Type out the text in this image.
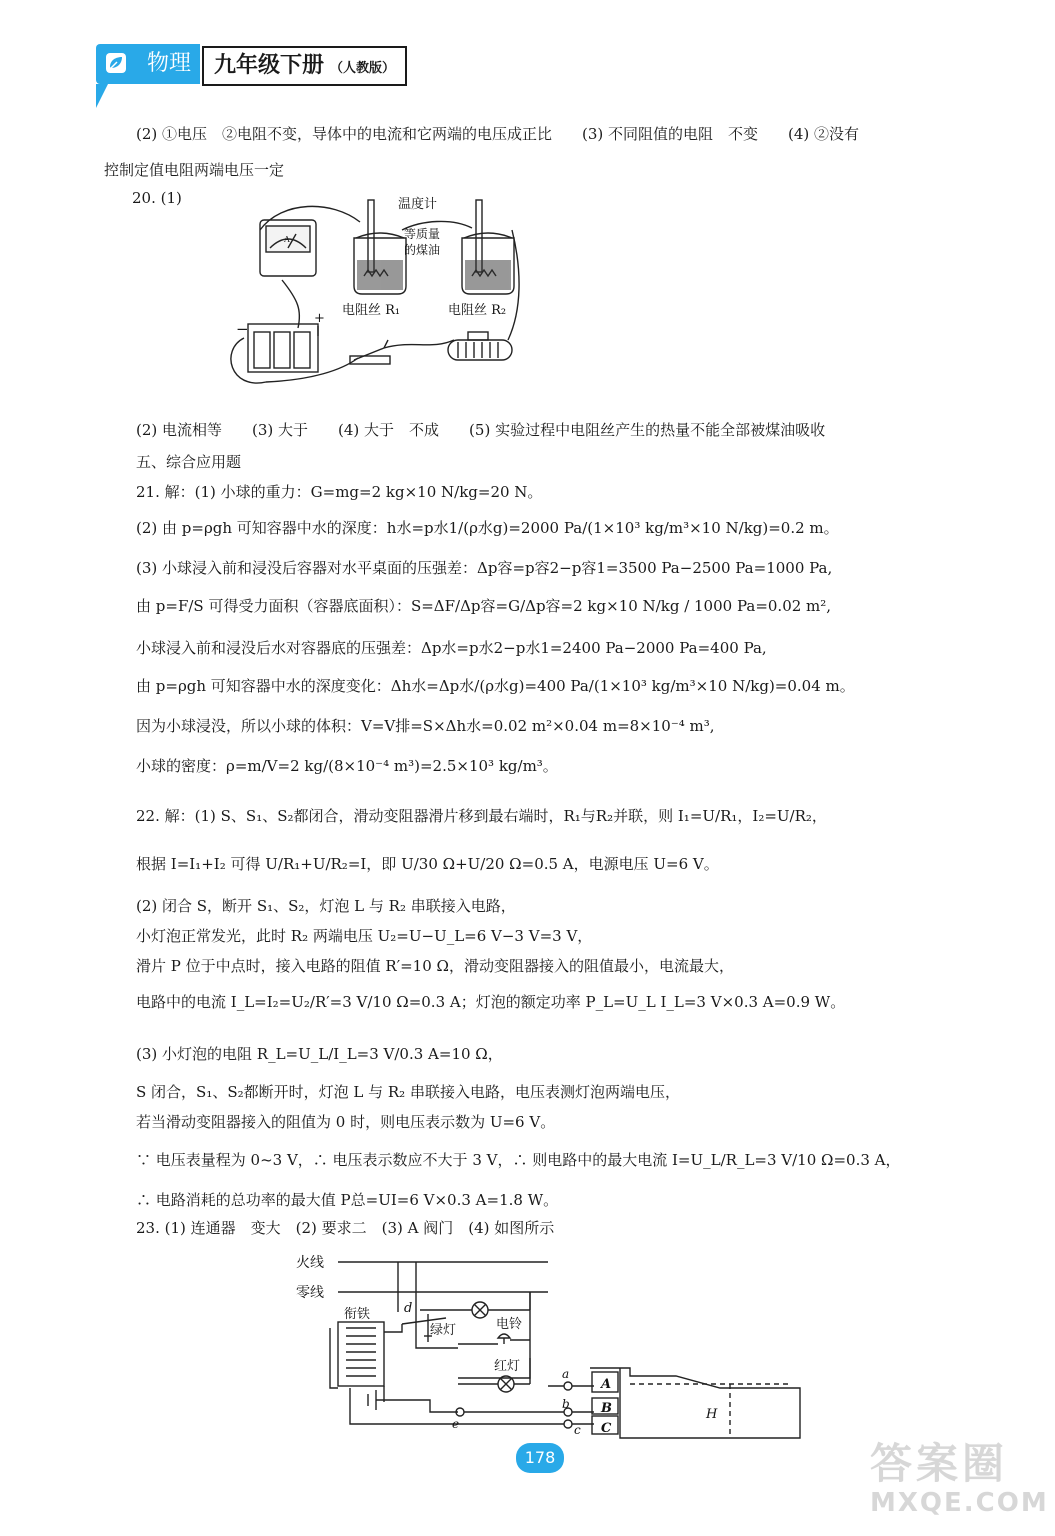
物理	九年级下册 （人教版）
(2) ①电压　②电阻不变，导体中的电流和它两端的电压成正比　　(3) 不同阻值的电阻　不变　　(4) ②没有
控制定值电阻两端电压一定
20. (1)	温度计
等质量
的煤油
电阻丝 R₁	电阻丝 R₂
A
−
+
(2) 电流相等　　(3) 大于　　(4) 大于　不成　　(5) 实验过程中电阻丝产生的热量不能全部被煤油吸收
五、综合应用题
21. 解：(1) 小球的重力：G=mg=2 kg×10 N/kg=20 N。
(2) 由 p=ρgh 可知容器中水的深度：h水=p水1/(ρ水g)=2000 Pa/(1×10³ kg/m³×10 N/kg)=0.2 m。
(3) 小球浸入前和浸没后容器对水平桌面的压强差：Δp容=p容2−p容1=3500 Pa−2500 Pa=1000 Pa,
由 p=F/S 可得受力面积（容器底面积）：S=ΔF/Δp容=G/Δp容=2 kg×10 N/kg / 1000 Pa=0.02 m²,
小球浸入前和浸没后水对容器底的压强差：Δp水=p水2−p水1=2400 Pa−2000 Pa=400 Pa,
由 p=ρgh 可知容器中水的深度变化：Δh水=Δp水/(ρ水g)=400 Pa/(1×10³ kg/m³×10 N/kg)=0.04 m。
因为小球浸没，所以小球的体积：V=V排=S×Δh水=0.02 m²×0.04 m=8×10⁻⁴ m³,
小球的密度：ρ=m/V=2 kg/(8×10⁻⁴ m³)=2.5×10³ kg/m³。
22. 解：(1) S、S₁、S₂都闭合，滑动变阻器滑片移到最右端时，R₁与R₂并联，则 I₁=U/R₁，I₂=U/R₂，
根据 I=I₁+I₂ 可得 U/R₁+U/R₂=I，即 U/30 Ω+U/20 Ω=0.5 A，电源电压 U=6 V。
(2) 闭合 S，断开 S₁、S₂，灯泡 L 与 R₂ 串联接入电路，
小灯泡正常发光，此时 R₂ 两端电压 U₂=U−U_L=6 V−3 V=3 V，
滑片 P 位于中点时，接入电路的阻值 R′=10 Ω，滑动变阻器接入的阻值最小，电流最大，
电路中的电流 I_L=I₂=U₂/R′=3 V/10 Ω=0.3 A；灯泡的额定功率 P_L=U_L I_L=3 V×0.3 A=0.9 W。
(3) 小灯泡的电阻 R_L=U_L/I_L=3 V/0.3 A=10 Ω，
S 闭合，S₁、S₂都断开时，灯泡 L 与 R₂ 串联接入电路，电压表测灯泡两端电压，
若当滑动变阻器接入的阻值为 0 时，则电压表示数为 U=6 V。
∵ 电压表量程为 0~3 V，∴ 电压表示数应不大于 3 V，∴ 则电路中的最大电流 I=U_L/R_L=3 V/10 Ω=0.3 A，
∴ 电路消耗的总功率的最大值 P总=UI=6 V×0.3 A=1.8 W。
23. (1) 连通器　变大　(2) 要求二　(3) A 阀门　(4) 如图所示
火线
零线
衔铁
绿灯	电铃
红灯
d
a
b
c
e
A
B
C
H
178	答案圈
MXQE.COM
